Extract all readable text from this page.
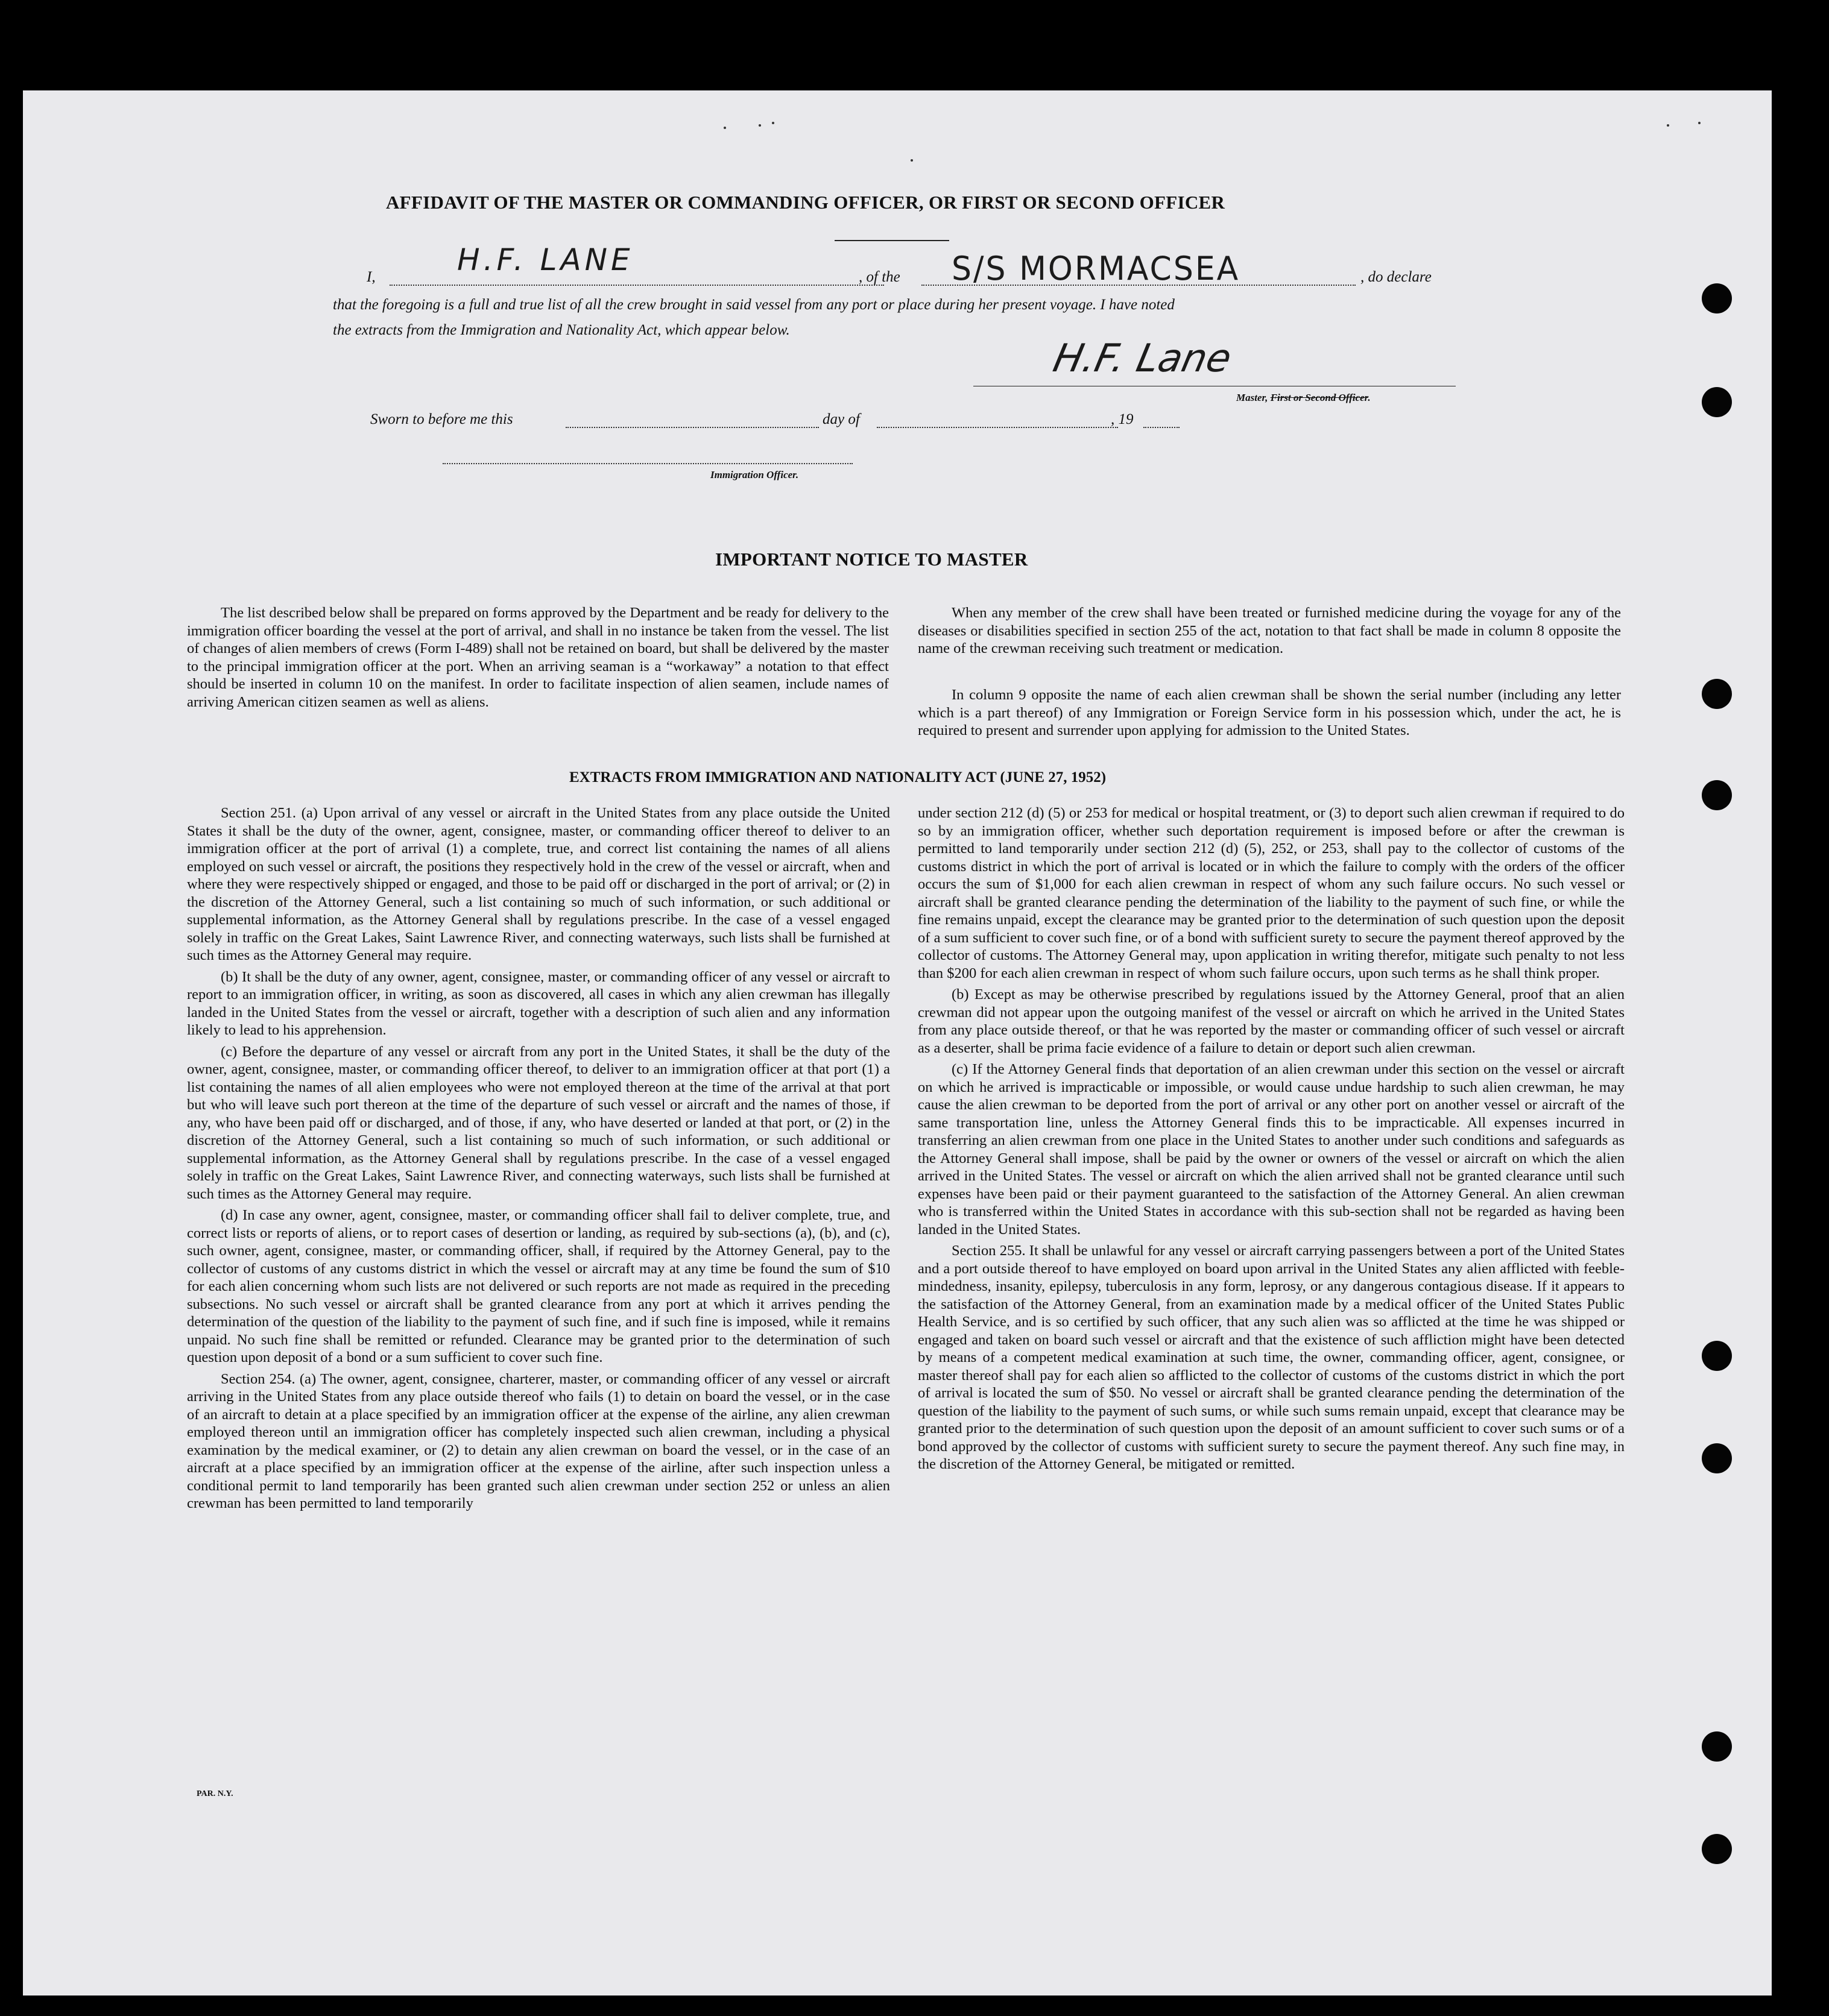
AFFIDAVIT OF THE MASTER OR COMMANDING OFFICER, OR FIRST OR SECOND OFFICER
I,	H.F. LANE	, of the S/S MORMACSEA	, do declare
that the foregoing is a full and true list of all the crew brought in said vessel from any port or place during her present voyage. I have noted
the extracts from the Immigration and Nationality Act, which appear below.
H.F. Lane
Master, First or Second Officer.
Sworn to before me this	day of	, 19
Immigration Officer.
IMPORTANT NOTICE TO MASTER

The list described below shall be prepared on forms approved by the Department and be ready for delivery to the immigration officer boarding the vessel at the port of arrival, and shall in no instance be taken from the vessel. The list of changes of alien members of crews (Form I-489) shall not be retained on board, but shall be delivered by the master to the principal immigration officer at the port. When an arriving seaman is a “workaway” a notation to that effect should be inserted in column 10 on the manifest. In order to facilitate inspection of alien seamen, include names of arriving American citizen seamen as well as aliens.

When any member of the crew shall have been treated or furnished medicine during the voyage for any of the diseases or disabilities specified in section 255 of the act, notation to that fact shall be made in column 8 opposite the name of the crewman receiving such treatment or medication.

In column 9 opposite the name of each alien crewman shall be shown the serial number (including any letter which is a part thereof) of any Immigration or Foreign Service form in his possession which, under the act, he is required to present and surrender upon applying for admission to the United States.

EXTRACTS FROM IMMIGRATION AND NATIONALITY ACT (JUNE 27, 1952)

Section 251. (a) Upon arrival of any vessel or aircraft in the United States from any place outside the United States it shall be the duty of the owner, agent, consignee, master, or commanding officer thereof to deliver to an immigration officer at the port of arrival (1) a complete, true, and correct list containing the names of all aliens employed on such vessel or aircraft, the positions they respectively hold in the crew of the vessel or aircraft, when and where they were respectively shipped or engaged, and those to be paid off or discharged in the port of arrival; or (2) in the discretion of the Attorney General, such a list containing so much of such information, or such additional or supplemental information, as the Attorney General shall by regulations prescribe. In the case of a vessel engaged solely in traffic on the Great Lakes, Saint Lawrence River, and connecting waterways, such lists shall be furnished at such times as the Attorney General may require.

(b) It shall be the duty of any owner, agent, consignee, master, or commanding officer of any vessel or aircraft to report to an immigration officer, in writing, as soon as discovered, all cases in which any alien crewman has illegally landed in the United States from the vessel or aircraft, together with a description of such alien and any information likely to lead to his apprehension.

(c) Before the departure of any vessel or aircraft from any port in the United States, it shall be the duty of the owner, agent, consignee, master, or commanding officer thereof, to deliver to an immigration officer at that port (1) a list containing the names of all alien employees who were not employed thereon at the time of the arrival at that port but who will leave such port thereon at the time of the departure of such vessel or aircraft and the names of those, if any, who have been paid off or discharged, and of those, if any, who have deserted or landed at that port, or (2) in the discretion of the Attorney General, such a list containing so much of such information, or such additional or supplemental information, as the Attorney General shall by regulations prescribe. In the case of a vessel engaged solely in traffic on the Great Lakes, Saint Lawrence River, and connecting waterways, such lists shall be furnished at such times as the Attorney General may require.

(d) In case any owner, agent, consignee, master, or commanding officer shall fail to deliver complete, true, and correct lists or reports of aliens, or to report cases of desertion or landing, as required by sub-sections (a), (b), and (c), such owner, agent, consignee, master, or commanding officer, shall, if required by the Attorney General, pay to the collector of customs of any customs district in which the vessel or aircraft may at any time be found the sum of $10 for each alien concerning whom such lists are not delivered or such reports are not made as required in the preceding subsections. No such vessel or aircraft shall be granted clearance from any port at which it arrives pending the determination of the question of the liability to the payment of such fine, and if such fine is imposed, while it remains unpaid. No such fine shall be remitted or refunded. Clearance may be granted prior to the determination of such question upon deposit of a bond or a sum sufficient to cover such fine.

Section 254. (a) The owner, agent, consignee, charterer, master, or commanding officer of any vessel or aircraft arriving in the United States from any place outside thereof who fails (1) to detain on board the vessel, or in the case of an aircraft to detain at a place specified by an immigration officer at the expense of the airline, any alien crewman employed thereon until an immigration officer has completely inspected such alien crewman, including a physical examination by the medical examiner, or (2) to detain any alien crewman on board the vessel, or in the case of an aircraft at a place specified by an immigration officer at the expense of the airline, after such inspection unless a conditional permit to land temporarily has been granted such alien crewman under section 252 or unless an alien crewman has been permitted to land temporarily

under section 212 (d) (5) or 253 for medical or hospital treatment, or (3) to deport such alien crewman if required to do so by an immigration officer, whether such deportation requirement is imposed before or after the crewman is permitted to land temporarily under section 212 (d) (5), 252, or 253, shall pay to the collector of customs of the customs district in which the port of arrival is located or in which the failure to comply with the orders of the officer occurs the sum of $1,000 for each alien crewman in respect of whom any such failure occurs. No such vessel or aircraft shall be granted clearance pending the determination of the liability to the payment of such fine, or while the fine remains unpaid, except the clearance may be granted prior to the determination of such question upon the deposit of a sum sufficient to cover such fine, or of a bond with sufficient surety to secure the payment thereof approved by the collector of customs. The Attorney General may, upon application in writing therefor, mitigate such penalty to not less than $200 for each alien crewman in respect of whom such failure occurs, upon such terms as he shall think proper.

(b) Except as may be otherwise prescribed by regulations issued by the Attorney General, proof that an alien crewman did not appear upon the outgoing manifest of the vessel or aircraft on which he arrived in the United States from any place outside thereof, or that he was reported by the master or commanding officer of such vessel or aircraft as a deserter, shall be prima facie evidence of a failure to detain or deport such alien crewman.

(c) If the Attorney General finds that deportation of an alien crewman under this section on the vessel or aircraft on which he arrived is impracticable or impossible, or would cause undue hardship to such alien crewman, he may cause the alien crewman to be deported from the port of arrival or any other port on another vessel or aircraft of the same transportation line, unless the Attorney General finds this to be impracticable. All expenses incurred in transferring an alien crewman from one place in the United States to another under such conditions and safeguards as the Attorney General shall impose, shall be paid by the owner or owners of the vessel or aircraft on which the alien arrived in the United States. The vessel or aircraft on which the alien arrived shall not be granted clearance until such expenses have been paid or their payment guaranteed to the satisfaction of the Attorney General. An alien crewman who is transferred within the United States in accordance with this sub-section shall not be regarded as having been landed in the United States.

Section 255. It shall be unlawful for any vessel or aircraft carrying passengers between a port of the United States and a port outside thereof to have employed on board upon arrival in the United States any alien afflicted with feeble-mindedness, insanity, epilepsy, tuberculosis in any form, leprosy, or any dangerous contagious disease. If it appears to the satisfaction of the Attorney General, from an examination made by a medical officer of the United States Public Health Service, and is so certified by such officer, that any such alien was so afflicted at the time he was shipped or engaged and taken on board such vessel or aircraft and that the existence of such affliction might have been detected by means of a competent medical examination at such time, the owner, commanding officer, agent, consignee, or master thereof shall pay for each alien so afflicted to the collector of customs of the customs district in which the port of arrival is located the sum of $50. No vessel or aircraft shall be granted clearance pending the determination of the question of the liability to the payment of such sums, or while such sums remain unpaid, except that clearance may be granted prior to the determination of such question upon the deposit of an amount sufficient to cover such sums or of a bond approved by the collector of customs with sufficient surety to secure the payment thereof. Any such fine may, in the discretion of the Attorney General, be mitigated or remitted.

PAR. N.Y.
